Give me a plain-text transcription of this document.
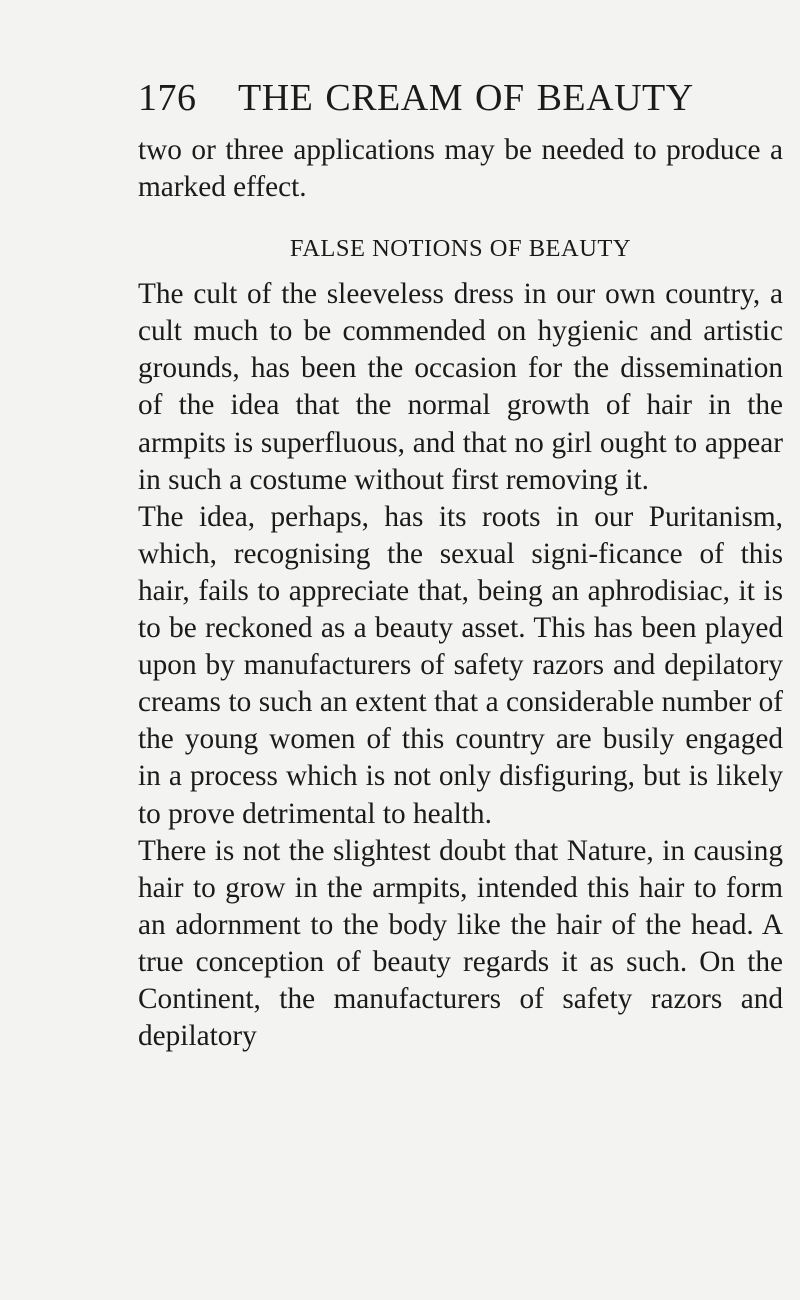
176	THE CREAM OF BEAUTY

two or three applications may be needed to produce a marked effect.

FALSE NOTIONS OF BEAUTY

The cult of the sleeveless dress in our own country, a cult much to be commended on hygienic and artistic grounds, has been the occasion for the dissemination of the idea that the normal growth of hair in the armpits is superfluous, and that no girl ought to appear in such a costume without first removing it.

The idea, perhaps, has its roots in our Puritanism, which, recognising the sexual signi-ficance of this hair, fails to appreciate that, being an aphrodisiac, it is to be reckoned as a beauty asset. This has been played upon by manufacturers of safety razors and depilatory creams to such an extent that a considerable number of the young women of this country are busily engaged in a process which is not only disfiguring, but is likely to prove detrimental to health.

There is not the slightest doubt that Nature, in causing hair to grow in the armpits, intended this hair to form an adornment to the body like the hair of the head. A true conception of beauty regards it as such. On the Continent, the manufacturers of safety razors and depilatory
